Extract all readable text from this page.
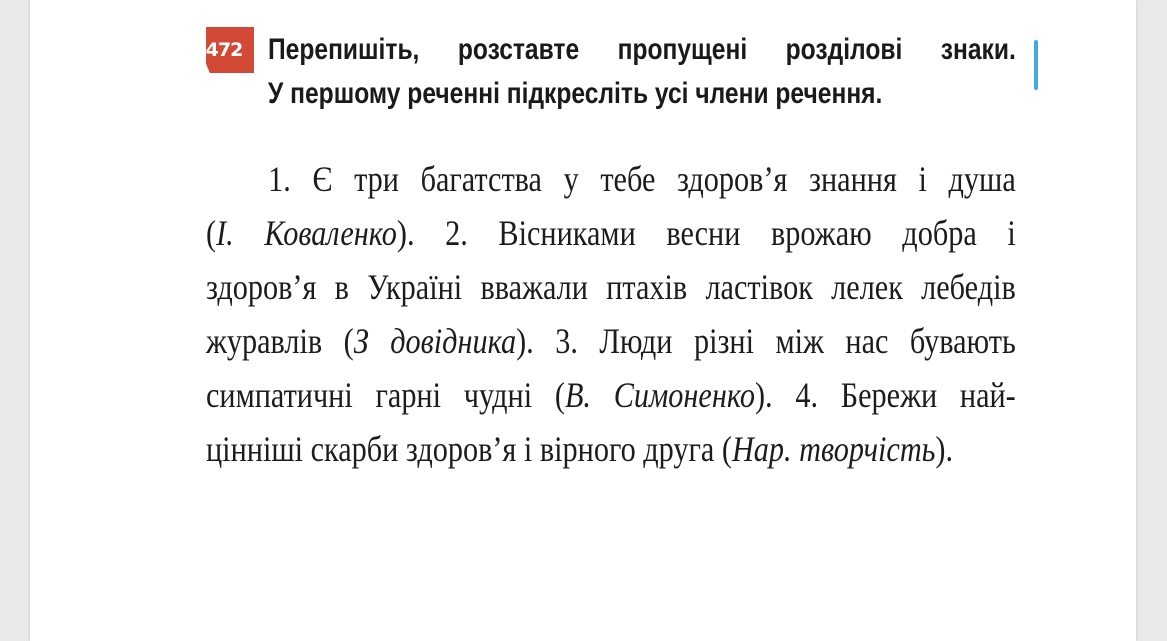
472 Перепишіть, розставте пропущені розділові знаки.
У першому реченні підкресліть усі члени речення.
1. Є три багатства у тебе здоров’я знання і душа
(І. Коваленко). 2. Вісниками весни врожаю добра і
здоров’я в Україні вважали птахів ластівок лелек лебедів
журавлів (З довідника). 3. Люди різні між нас бувають
симпатичні гарні чудні (В. Симоненко). 4. Бережи най-
цінніші скарби здоров’я і вірного друга (Нар. творчість).
